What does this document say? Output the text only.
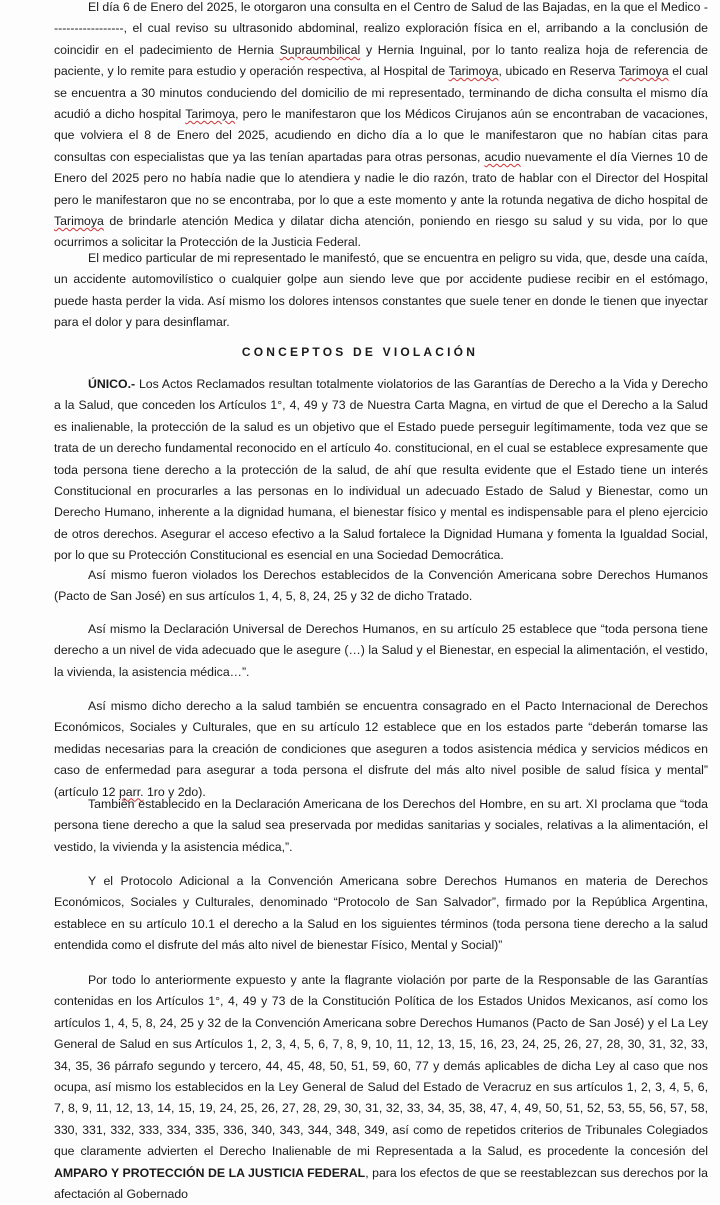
El día 6 de Enero del 2025, le otorgaron una consulta en el Centro de Salud de las Bajadas, en la que el Medico ------------------, el cual reviso su ultrasonido abdominal, realizo exploración física en el, arribando a la conclusión de coincidir en el padecimiento de Hernia Supraumbilical y Hernia Inguinal, por lo tanto realiza hoja de referencia de paciente, y lo remite para estudio y operación respectiva, al Hospital de Tarimoya, ubicado en Reserva Tarimoya el cual se encuentra a 30 minutos conduciendo del domicilio de mi representado, terminando de dicha consulta el mismo día acudió a dicho hospital Tarimoya, pero le manifestaron que los Médicos Cirujanos aún se encontraban de vacaciones, que volviera el 8 de Enero del 2025, acudiendo en dicho día a lo que le manifestaron que no habían citas para consultas con especialistas que ya las tenían apartadas para otras personas, acudio nuevamente el día Viernes 10 de Enero del 2025 pero no había nadie que lo atendiera y nadie le dio razón, trato de hablar con el Director del Hospital pero le manifestaron que no se encontraba, por lo que a este momento y ante la rotunda negativa de dicho hospital de Tarimoya de brindarle atención Medica y dilatar dicha atención, poniendo en riesgo su salud y su vida, por lo que ocurrimos a solicitar la Protección de la Justicia Federal.

El medico particular de mi representado le manifestó, que se encuentra en peligro su vida, que, desde una caída, un accidente automovilístico o cualquier golpe aun siendo leve que por accidente pudiese recibir en el estómago, puede hasta perder la vida. Así mismo los dolores intensos constantes que suele tener en donde le tienen que inyectar para el dolor y para desinflamar.

CONCEPTOS DE VIOLACIÓN

ÚNICO.- Los Actos Reclamados resultan totalmente violatorios de las Garantías de Derecho a la Vida y Derecho a la Salud, que conceden los Artículos 1°, 4, 49 y 73 de Nuestra Carta Magna, en virtud de que el Derecho a la Salud es inalienable, la protección de la salud es un objetivo que el Estado puede perseguir legítimamente, toda vez que se trata de un derecho fundamental reconocido en el artículo 4o. constitucional, en el cual se establece expresamente que toda persona tiene derecho a la protección de la salud, de ahí que resulta evidente que el Estado tiene un interés Constitucional en procurarles a las personas en lo individual un adecuado Estado de Salud y Bienestar, como un Derecho Humano, inherente a la dignidad humana, el bienestar físico y mental es indispensable para el pleno ejercicio de otros derechos. Asegurar el acceso efectivo a la Salud fortalece la Dignidad Humana y fomenta la Igualdad Social, por lo que su Protección Constitucional es esencial en una Sociedad Democrática.

Así mismo fueron violados los Derechos establecidos de la Convención Americana sobre Derechos Humanos (Pacto de San José) en sus artículos 1, 4, 5, 8, 24, 25 y 32 de dicho Tratado.

Así mismo la Declaración Universal de Derechos Humanos, en su artículo 25 establece que “toda persona tiene derecho a un nivel de vida adecuado que le asegure (…) la Salud y el Bienestar, en especial la alimentación, el vestido, la vivienda, la asistencia médica…”.

Así mismo dicho derecho a la salud también se encuentra consagrado en el Pacto Internacional de Derechos Económicos, Sociales y Culturales, que en su artículo 12 establece que en los estados parte “deberán tomarse las medidas necesarias para la creación de condiciones que aseguren a todos asistencia médica y servicios médicos en caso de enfermedad para asegurar a toda persona el disfrute del más alto nivel posible de salud física y mental” (artículo 12 parr. 1ro y 2do).

También establecido en la Declaración Americana de los Derechos del Hombre, en su art. XI proclama que “toda persona tiene derecho a que la salud sea preservada por medidas sanitarias y sociales, relativas a la alimentación, el vestido, la vivienda y la asistencia médica,”.

Y el Protocolo Adicional a la Convención Americana sobre Derechos Humanos en materia de Derechos Económicos, Sociales y Culturales, denominado “Protocolo de San Salvador”, firmado por la República Argentina, establece en su artículo 10.1 el derecho a la Salud en los siguientes términos (toda persona tiene derecho a la salud entendida como el disfrute del más alto nivel de bienestar Físico, Mental y Social)”

Por todo lo anteriormente expuesto y ante la flagrante violación por parte de la Responsable de las Garantías contenidas en los Artículos 1°, 4, 49 y 73 de la Constitución Política de los Estados Unidos Mexicanos, así como los artículos 1, 4, 5, 8, 24, 25 y 32 de la Convención Americana sobre Derechos Humanos (Pacto de San José) y el La Ley General de Salud en sus Artículos 1, 2, 3, 4, 5, 6, 7, 8, 9, 10, 11, 12, 13, 15, 16, 23, 24, 25, 26, 27, 28, 30, 31, 32, 33, 34, 35, 36 párrafo segundo y tercero, 44, 45, 48, 50, 51, 59, 60, 77 y demás aplicables de dicha Ley al caso que nos ocupa, así mismo los establecidos en la Ley General de Salud del Estado de Veracruz en sus artículos 1, 2, 3, 4, 5, 6, 7, 8, 9, 11, 12, 13, 14, 15, 19, 24, 25, 26, 27, 28, 29, 30, 31, 32, 33, 34, 35, 38, 47, 4, 49, 50, 51, 52, 53, 55, 56, 57, 58, 330, 331, 332, 333, 334, 335, 336, 340, 343, 344, 348, 349, así como de repetidos criterios de Tribunales Colegiados que claramente advierten el Derecho Inalienable de mi Representada a la Salud, es procedente la concesión del AMPARO Y PROTECCIÓN DE LA JUSTICIA FEDERAL, para los efectos de que se reestablezcan sus derechos por la afectación al Gobernado
